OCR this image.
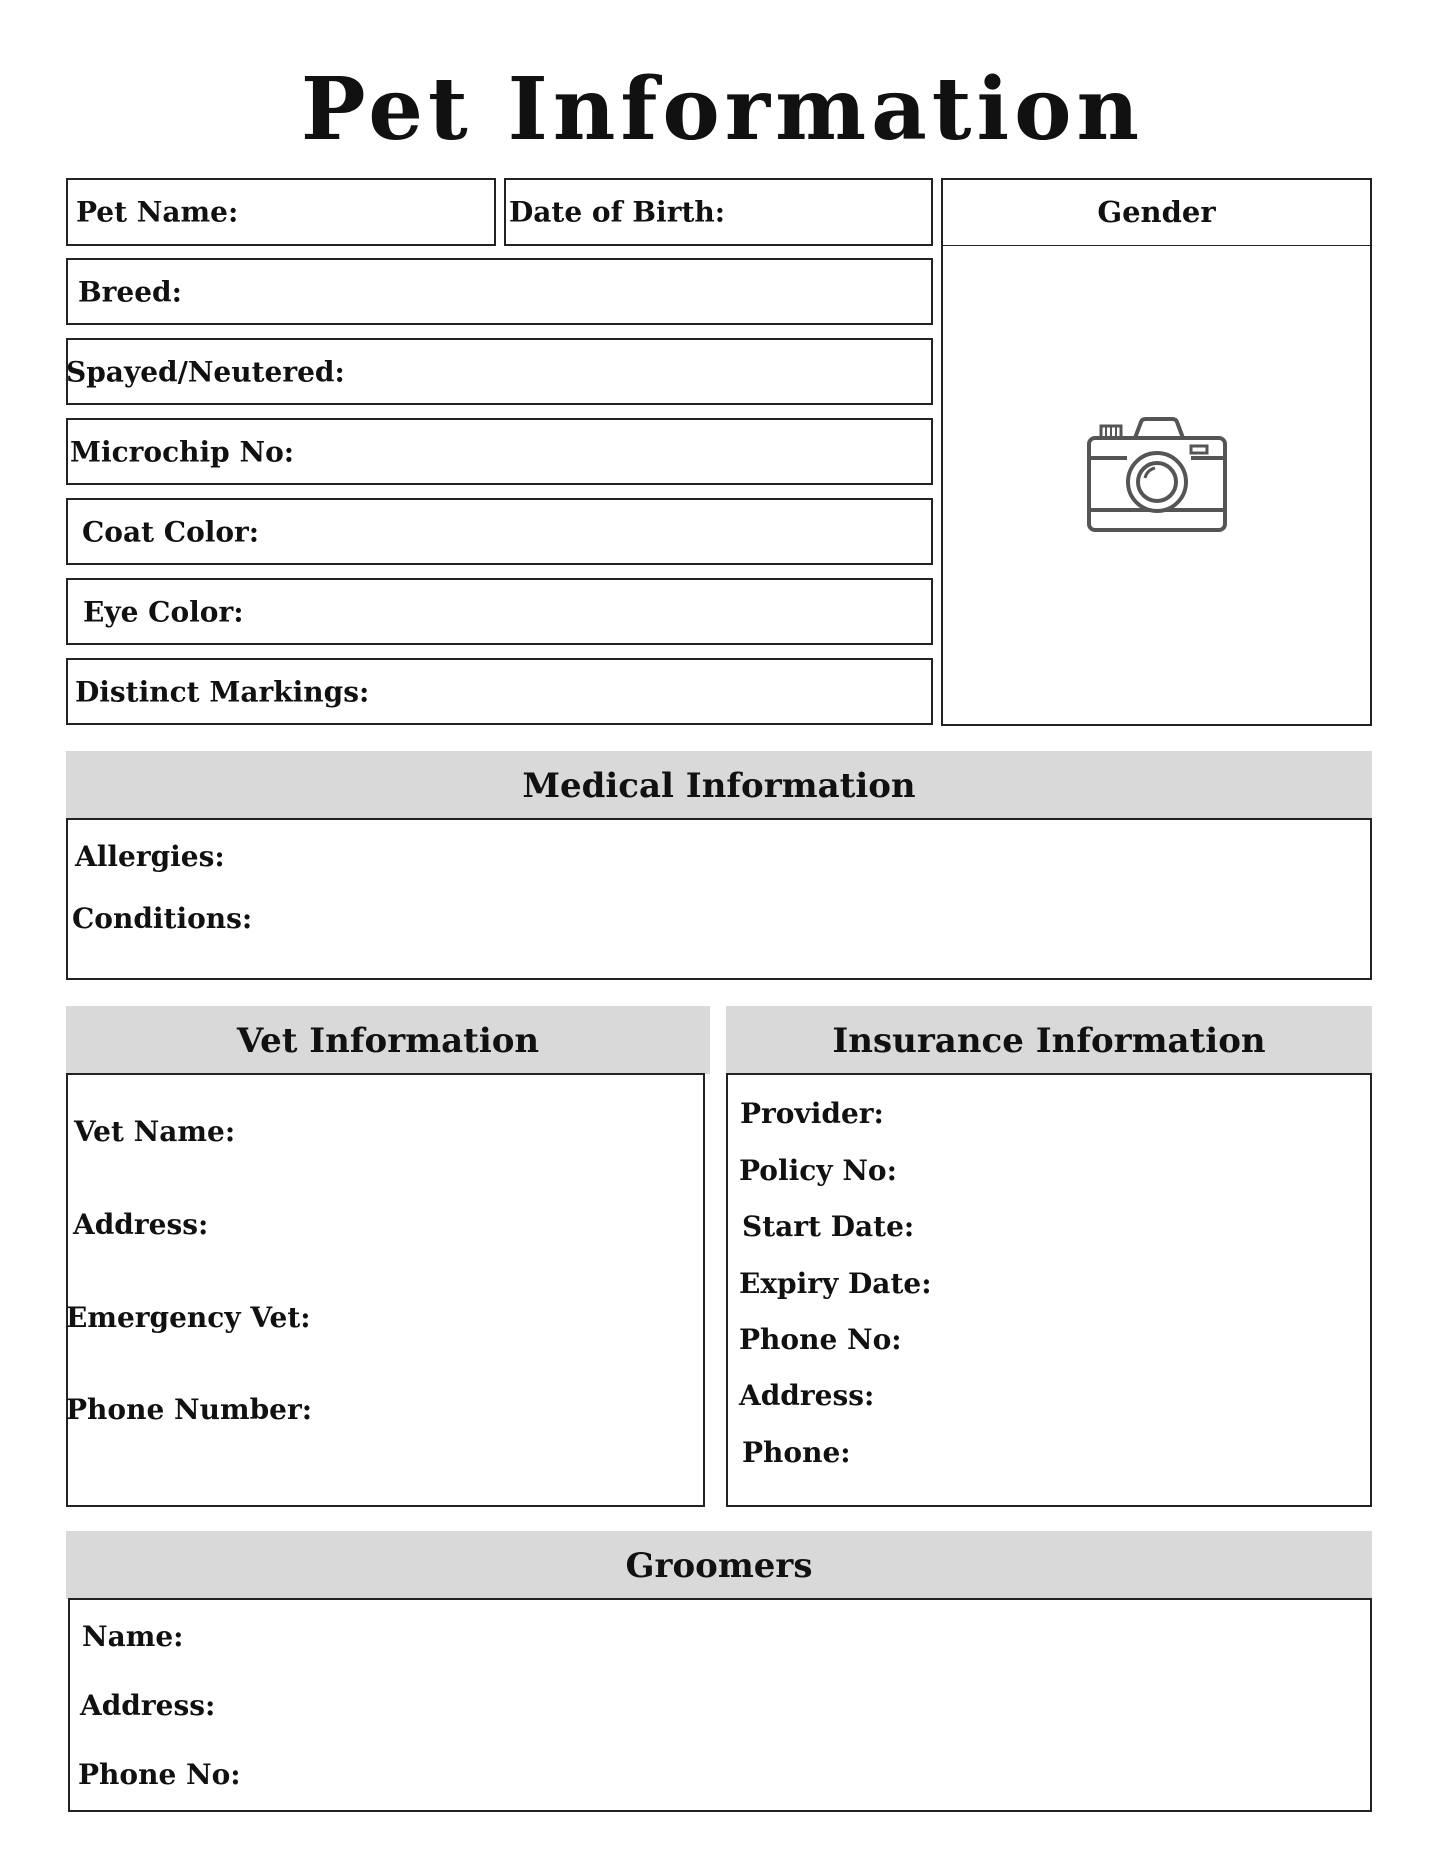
Pet Information
Pet Name:	Date of Birth:	Gender
Breed:
Spayed/Neutered:
Microchip No:
Coat Color:
Eye Color:
Distinct Markings:
Medical Information
Allergies:
Conditions:
Vet Information
Vet Name:
Address:
Emergency Vet:
Phone Number:
Insurance Information
Provider:
Policy No:
Start Date:
Expiry Date:
Phone No:
Address:
Phone:
Groomers
Name:
Address:
Phone No:
